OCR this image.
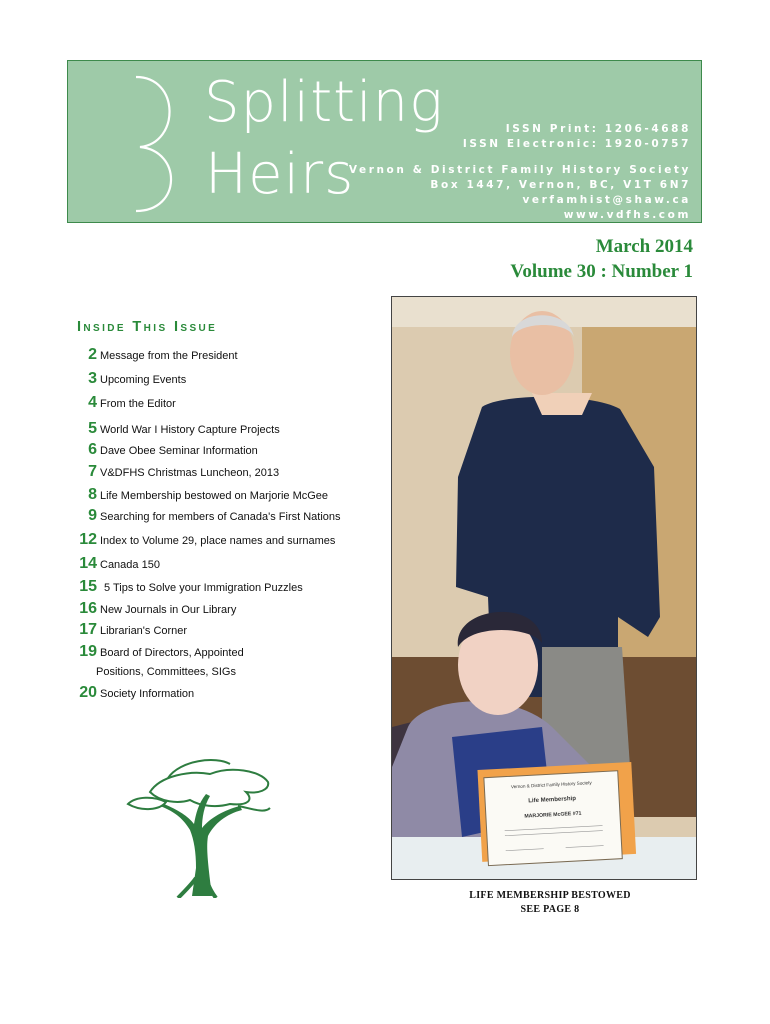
Splitting
Heirs
ISSN Print: 1206-4688
ISSN Electronic: 1920-0757
Vernon & District Family History Society
Box 1447, Vernon, BC, V1T 6N7
verfamhist@shaw.ca
www.vdfhs.com
March 2014
Volume 30 : Number 1
Inside This Issue
2 Message from the President
3 Upcoming Events
4 From the Editor
5 World War I History Capture Projects
6 Dave Obee Seminar Information
7 V&DFHS Christmas Luncheon, 2013
8 Life Membership bestowed on Marjorie McGee
9 Searching for members of Canada's First Nations
12 Index to Volume 29, place names and surnames
14 Canada 150
15 5 Tips to Solve your Immigration Puzzles
16 New Journals in Our Library
17 Librarian's Corner
19 Board of Directors, Appointed
Positions, Committees, SIGs
20 Society Information
Vernon & District Family History Society
Life Membership
MARJORIE McGEE #71
LIFE MEMBERSHIP BESTOWED
SEE PAGE 8
